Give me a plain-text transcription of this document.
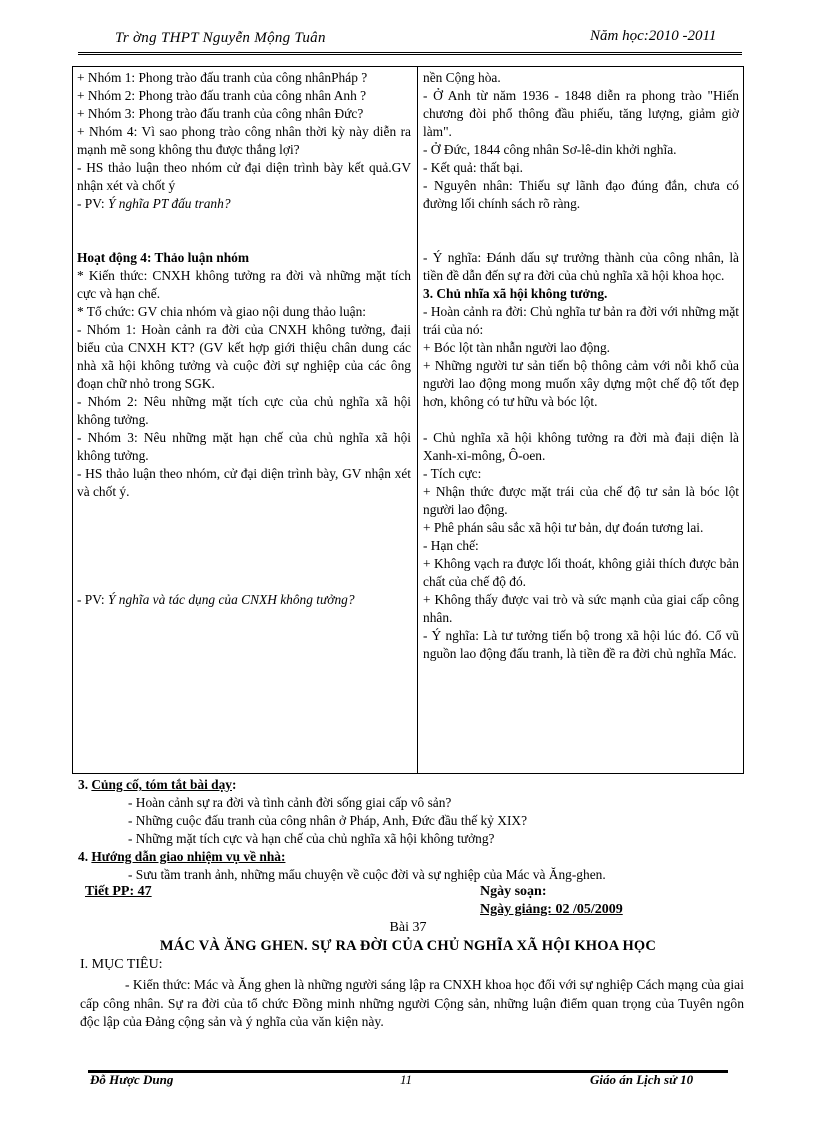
Tr ờng THPT Nguyễn Mộng Tuân	Năm học:2010 -2011

+ Nhóm 1: Phong trào đấu tranh của công nhânPháp ?

+ Nhóm 2: Phong trào đấu tranh của công nhân Anh ?

+ Nhóm 3: Phong trào đấu tranh của công nhân Đức?

+ Nhóm 4: Vì sao phong trào công nhân thời kỳ này diễn ra mạnh mẽ song không thu được thắng lợi?

- HS thảo luận theo nhóm cử đại diện trình bày kết quả.GV nhận xét và chốt ý

- PV: Ý nghĩa PT đấu tranh?

Hoạt động 4: Thảo luận nhóm

* Kiến thức: CNXH không tưởng ra đời và những mặt tích cực và hạn chế.

* Tổ chức: GV chia nhóm và giao nội dung thảo luận:

- Nhóm 1: Hoàn cảnh ra đời của CNXH không tưởng, đaịi biểu của CNXH KT? (GV kết hợp giới thiệu chân dung các nhà xã hội không tưởng và cuộc đời sự nghiệp của các ông đoạn chữ nhỏ trong SGK.

- Nhóm 2: Nêu những mặt tích cực của chủ nghĩa xã hội không tưởng.

- Nhóm 3: Nêu những mặt hạn chế của chủ nghĩa xã hội không tưởng.

- HS thảo luận theo nhóm, cử đại diện trình bày, GV nhận xét và chốt ý.

- PV: Ý nghĩa và tác dụng của CNXH không tưởng?

nền Cộng hòa.

- Ở Anh từ năm 1936 - 1848 diễn ra phong trào "Hiến chương đòi phổ thông đầu phiếu, tăng lượng, giảm giờ làm".

- Ở Đức, 1844 công nhân Sơ-lê-din khởi nghĩa.

- Kết quả: thất bại.

- Nguyên nhân: Thiếu sự lãnh đạo đúng đắn, chưa có đường lối chính sách rõ ràng.

- Ý nghĩa: Đánh dấu sự trưởng thành của công nhân, là tiền đề dẫn đến sự ra đời của chủ nghĩa xã hội khoa học.

3. Chủ nhĩa xã hội không tưởng.

- Hoàn cảnh ra đời: Chủ nghĩa tư bản ra đời với những mặt trái của nó:

+ Bóc lột tàn nhẫn người lao động.

+ Những người tư sản tiến bộ thông cảm với nỗi khổ của người lao động mong muốn xây dựng một chế độ tốt đẹp hơn, không có tư hữu và bóc lột.

- Chủ nghĩa xã hội không tưởng ra đời mà đaịi diện là Xanh-xi-mông, Ô-oen.

- Tích cực:

+ Nhận thức được mặt trái của chế độ tư sản là bóc lột người lao động.

+ Phê phán sâu sắc xã hội tư bản, dự đoán tương lai.

- Hạn chế:

+ Không vạch ra được lối thoát, không giải thích được bản chất của chế độ đó.

+ Không thấy được vai trò và sức mạnh của giai cấp công nhân.

- Ý nghĩa: Là tư tưởng tiến bộ trong xã hội lúc đó. Cổ vũ nguồn lao động đấu tranh, là tiền đề ra đời chủ nghĩa Mác.

3. Củng cố, tóm tắt bài dạy:

- Hoàn cảnh sự ra đời và tình cảnh đời sống giai cấp vô sản?

- Những cuộc đấu tranh của công nhân ở Pháp, Anh, Đức đầu thế kỷ XIX?

- Những mặt tích cực và hạn chế của chủ nghĩa xã hội không tưởng?

4. Hướng dẫn giao nhiệm vụ về nhà:

- Sưu tầm tranh ảnh, những mẩu chuyện về cuộc đời và sự nghiệp của Mác và Ăng-ghen.

Tiết PP: 47	Ngày soạn:
Ngày giảng: 02 /05/2009
Bài 37
MÁC VÀ ĂNG GHEN. SỰ RA ĐỜI CỦA CHỦ NGHĨA XÃ HỘI KHOA HỌC
I. MỤC TIÊU:
- Kiến thức: Mác và Ăng ghen là những người sáng lập ra CNXH khoa học đối với sự nghiệp Cách mạng của giai cấp công nhân. Sự ra đời của tổ chức Đồng minh những người Cộng sản, những luận điểm quan trọng của Tuyên ngôn độc lập của Đảng cộng sản và ý nghĩa của văn kiện này.
Đỗ Hược Dung	11	Giáo án Lịch sử 10
